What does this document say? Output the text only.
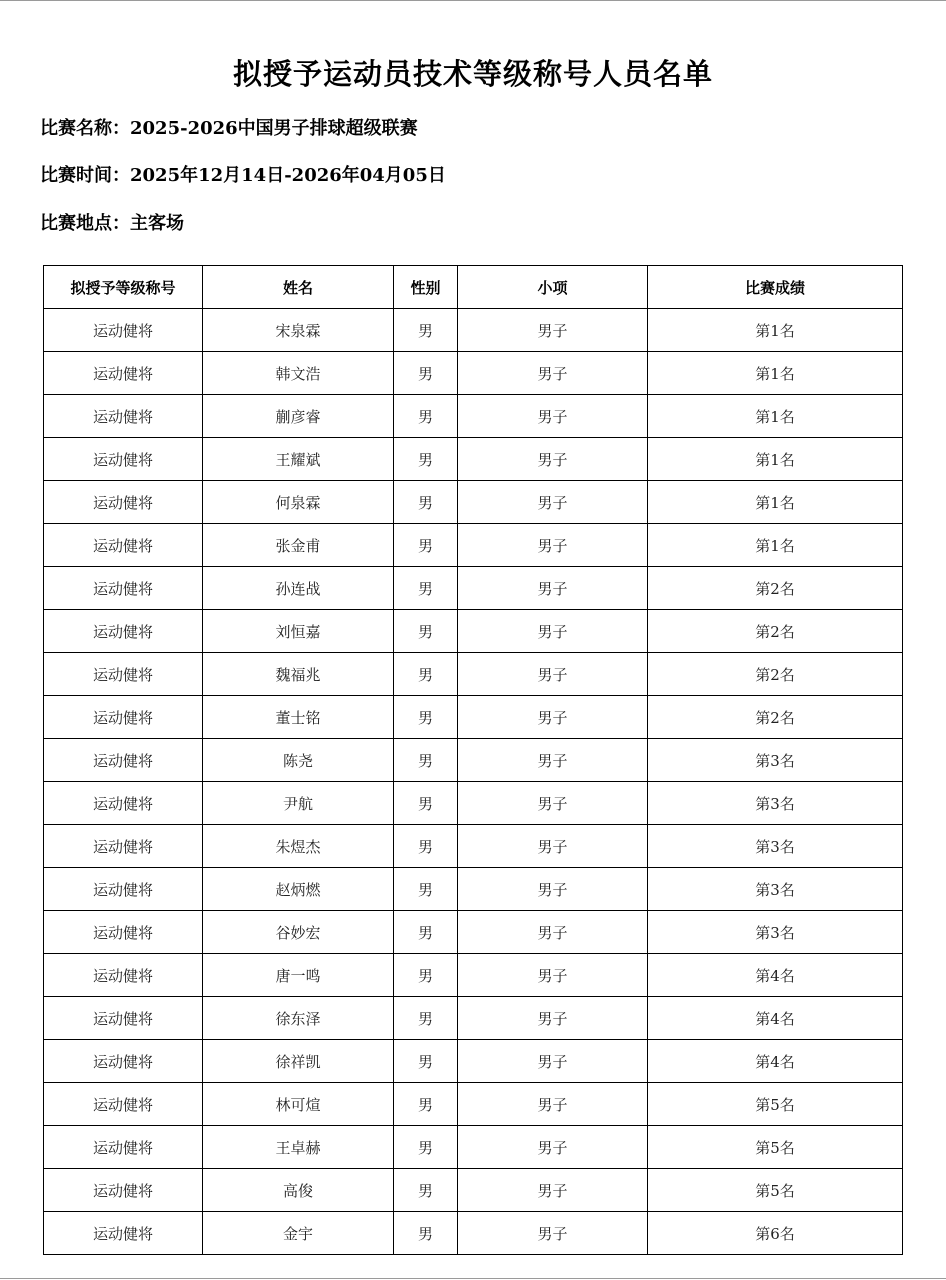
拟授予运动员技术等级称号人员名单
比赛名称：2025-2026中国男子排球超级联赛
比赛时间：2025年12月14日-2026年04月05日
比赛地点：主客场
拟授予等级称号	姓名	性别	小项	比赛成绩
运动健将	宋泉霖	男	男子	第1名
运动健将	韩文浩	男	男子	第1名
运动健将	蒯彦睿	男	男子	第1名
运动健将	王耀斌	男	男子	第1名
运动健将	何泉霖	男	男子	第1名
运动健将	张金甫	男	男子	第1名
运动健将	孙连战	男	男子	第2名
运动健将	刘恒嘉	男	男子	第2名
运动健将	魏福兆	男	男子	第2名
运动健将	董士铭	男	男子	第2名
运动健将	陈尧	男	男子	第3名
运动健将	尹航	男	男子	第3名
运动健将	朱煜杰	男	男子	第3名
运动健将	赵炳燃	男	男子	第3名
运动健将	谷妙宏	男	男子	第3名
运动健将	唐一鸣	男	男子	第4名
运动健将	徐东泽	男	男子	第4名
运动健将	徐祥凯	男	男子	第4名
运动健将	林可煊	男	男子	第5名
运动健将	王卓赫	男	男子	第5名
运动健将	高俊	男	男子	第5名
运动健将	金宇	男	男子	第6名
